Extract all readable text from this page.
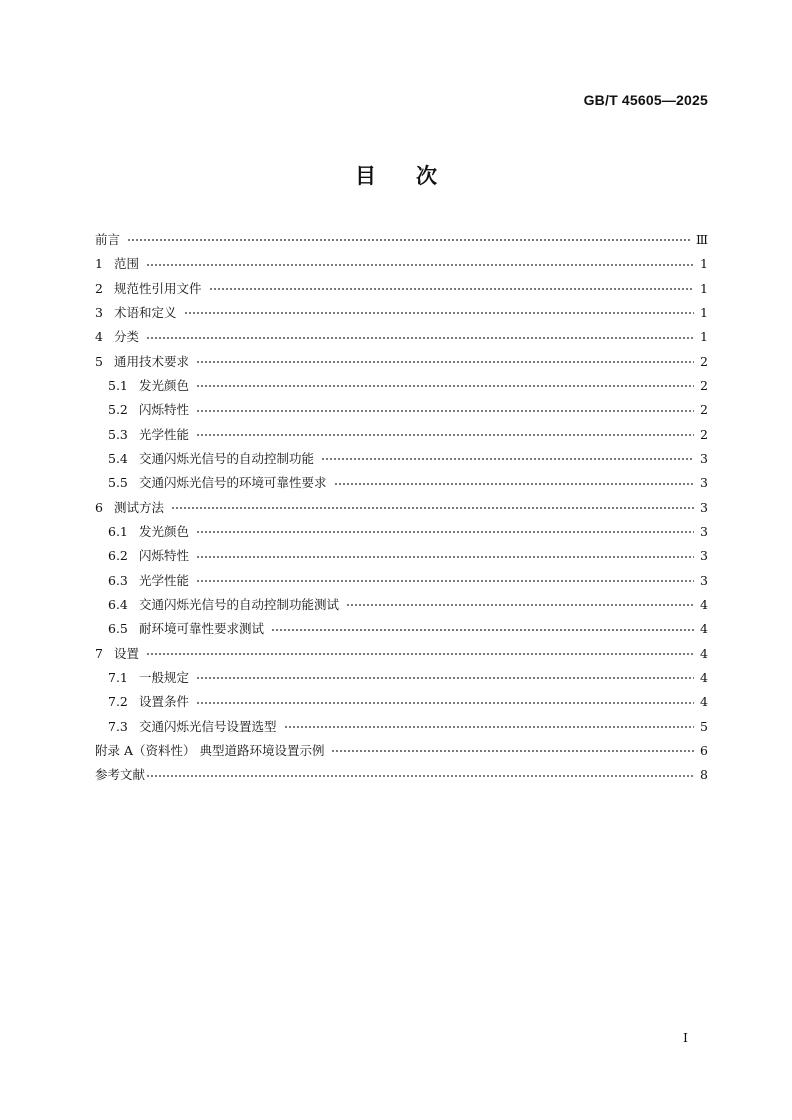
GB/T 45605—2025
目次
前言	Ⅲ
1 范围	1
2 规范性引用文件	1
3 术语和定义	1
4 分类	1
5 通用技术要求	2
5.1 发光颜色	2
5.2 闪烁特性	2
5.3 光学性能	2
5.4 交通闪烁光信号的自动控制功能	3
5.5 交通闪烁光信号的环境可靠性要求	3
6 测试方法	3
6.1 发光颜色	3
6.2 闪烁特性	3
6.3 光学性能	3
6.4 交通闪烁光信号的自动控制功能测试	4
6.5 耐环境可靠性要求测试	4
7 设置	4
7.1 一般规定	4
7.2 设置条件	4
7.3 交通闪烁光信号设置选型	5
附录 A（资料性） 典型道路环境设置示例	6
参考文献	8
I
